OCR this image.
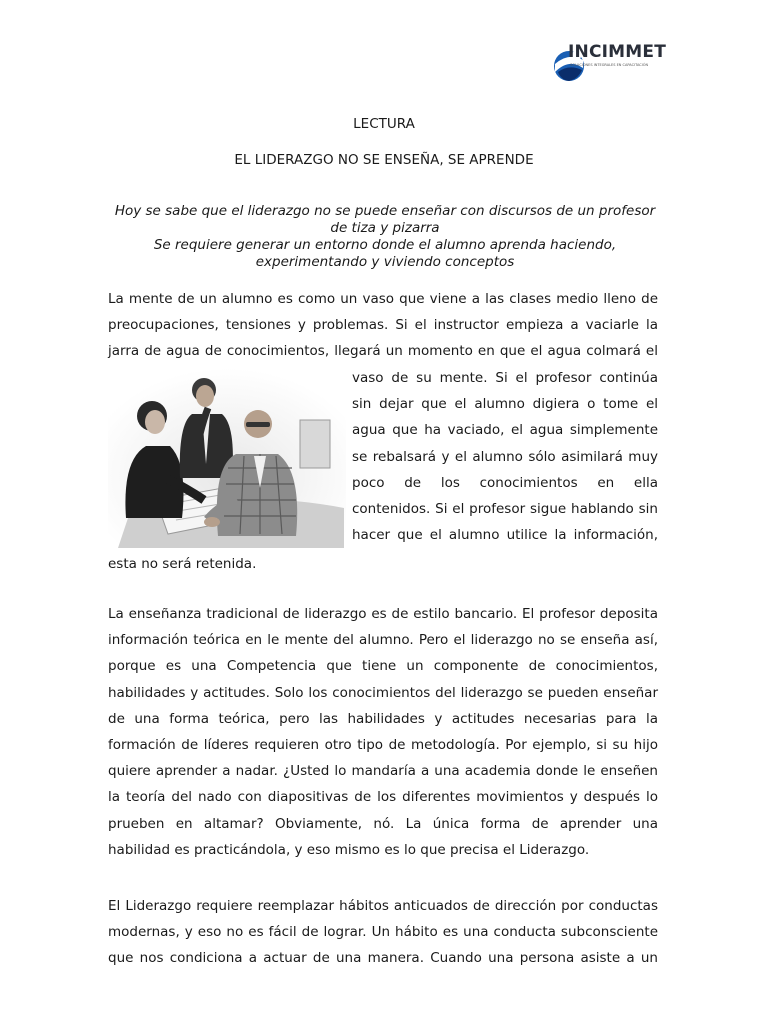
INCIMMET
SOLUCIONES INTEGRALES EN CAPACITACIÓN
LECTURA
EL LIDERAZGO NO SE ENSEÑA, SE APRENDE
Hoy se sabe que el liderazgo no se puede enseñar con discursos de un profesor
de tiza y pizarra
Se requiere generar un entorno donde el alumno aprenda haciendo,
experimentando y viviendo conceptos
La mente de un alumno es como un vaso que viene a las clases medio lleno de
preocupaciones, tensiones y problemas. Si el instructor empieza a vaciarle la
jarra de agua de conocimientos, llegará un momento en que el agua colmará el
vaso de su mente. Si el profesor continúa
sin dejar que el alumno digiera o tome el
agua que ha vaciado, el agua simplemente
se rebalsará y el alumno sólo asimilará muy
poco de los conocimientos en ella
contenidos. Si el profesor sigue hablando sin
hacer que el alumno utilice la información,
esta no será retenida.
La enseñanza tradicional de liderazgo es de estilo bancario. El profesor deposita
información teórica en le mente del alumno. Pero el liderazgo no se enseña así,
porque es una Competencia que tiene un componente de conocimientos,
habilidades y actitudes. Solo los conocimientos del liderazgo se pueden enseñar
de una forma teórica, pero las habilidades y actitudes necesarias para la
formación de líderes requieren otro tipo de metodología. Por ejemplo, si su hijo
quiere aprender a nadar. ¿Usted lo mandaría a una academia donde le enseñen
la teoría del nado con diapositivas de los diferentes movimientos y después lo
prueben en altamar? Obviamente, nó. La única forma de aprender una
habilidad es practicándola, y eso mismo es lo que precisa el Liderazgo.
El Liderazgo requiere reemplazar hábitos anticuados de dirección por conductas
modernas, y eso no es fácil de lograr. Un hábito es una conducta subconsciente
que nos condiciona a actuar de una manera. Cuando una persona asiste a un
